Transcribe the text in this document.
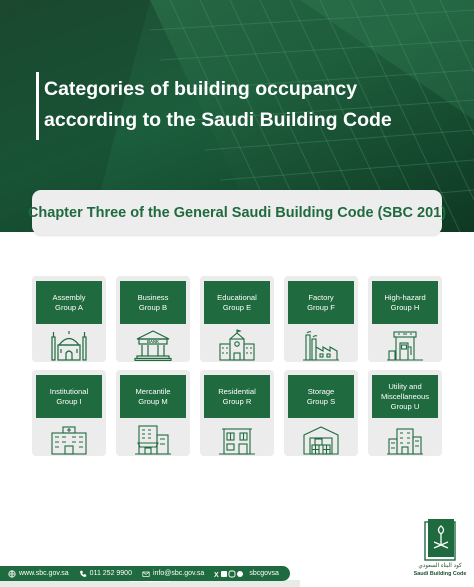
Categories of building occupancy
according to the Saudi Building Code
Chapter Three of the General Saudi Building Code (SBC 201)
Assembly
Group A
Business
Group B
BANK
Educational
Group E
Factory
Group F
High-hazard
Group H
Institutional
Group I
Mercantile
Group M
Residential
Group R
Storage
Group S
Utility and
Miscellaneous
Group U
www.sbc.gov.sa	011 252 9900	info@sbc.gov.sa X	sbcgovsa
كود البناء السعودي
Saudi Building Code
